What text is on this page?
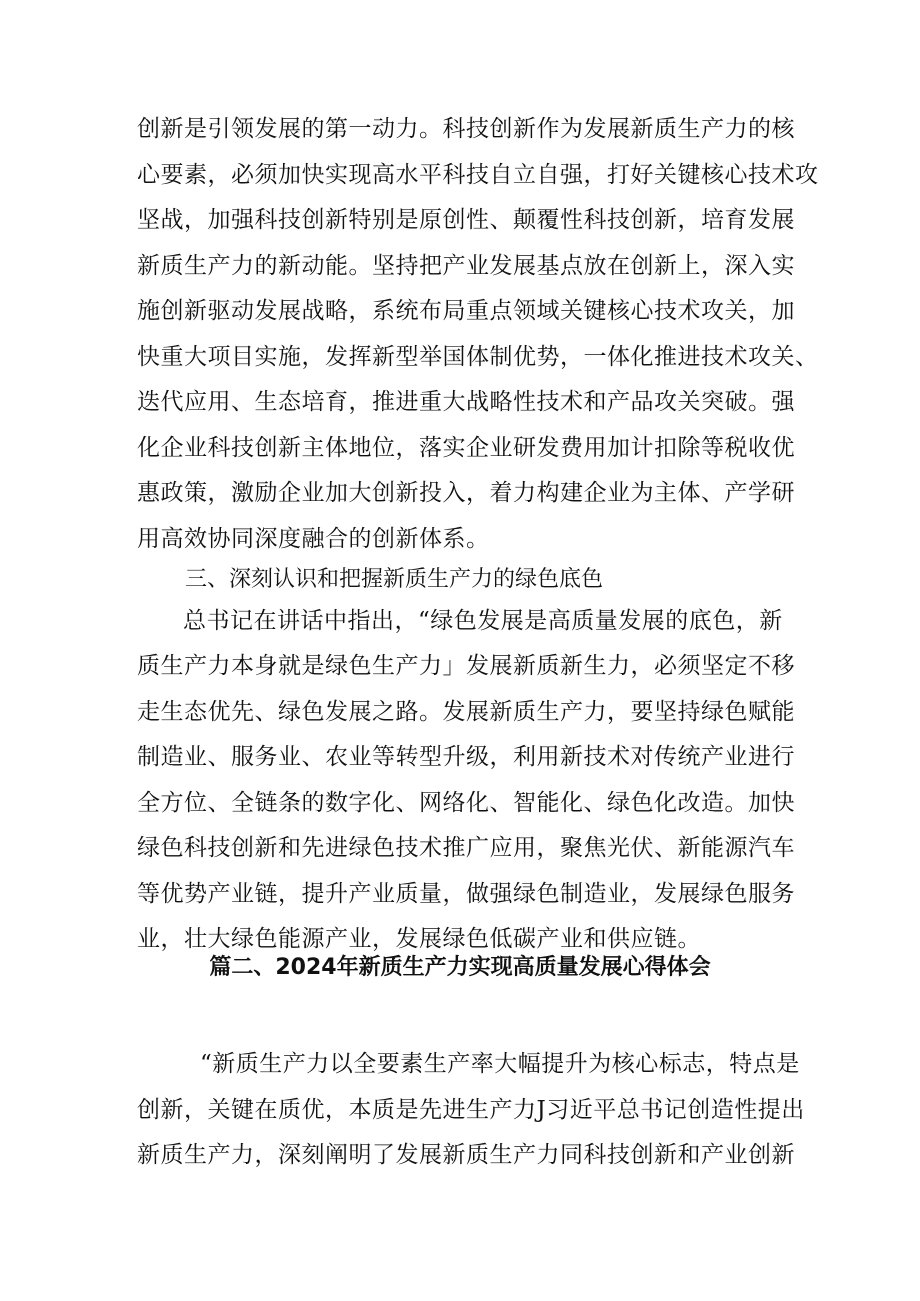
创新是引领发展的第一动力。科技创新作为发展新质生产力的核
心要素，必须加快实现高水平科技自立自强，打好关键核心技术攻
坚战，加强科技创新特别是原创性、颠覆性科技创新，培育发展
新质生产力的新动能。坚持把产业发展基点放在创新上，深入实
施创新驱动发展战略，系统布局重点领域关键核心技术攻关，加
快重大项目实施，发挥新型举国体制优势，一体化推进技术攻关、
迭代应用、生态培育，推进重大战略性技术和产品攻关突破。强
化企业科技创新主体地位，落实企业研发费用加计扣除等税收优
惠政策，激励企业加大创新投入，着力构建企业为主体、产学研
用高效协同深度融合的创新体系。
三、深刻认识和把握新质生产力的绿色底色
总书记在讲话中指出，“绿色发展是高质量发展的底色，新
质生产力本身就是绿色生产力」发展新质新生力，必须坚定不移
走生态优先、绿色发展之路。发展新质生产力，要坚持绿色赋能
制造业、服务业、农业等转型升级，利用新技术对传统产业进行
全方位、全链条的数字化、网络化、智能化、绿色化改造。加快
绿色科技创新和先进绿色技术推广应用，聚焦光伏、新能源汽车
等优势产业链，提升产业质量，做强绿色制造业，发展绿色服务
业，壮大绿色能源产业，发展绿色低碳产业和供应链。
篇二、2024年新质生产力实现高质量发展心得体会
“新质生产力以全要素生产率大幅提升为核心标志，特点是
创新，关键在质优，本质是先进生产力J习近平总书记创造性提出
新质生产力，深刻阐明了发展新质生产力同科技创新和产业创新
